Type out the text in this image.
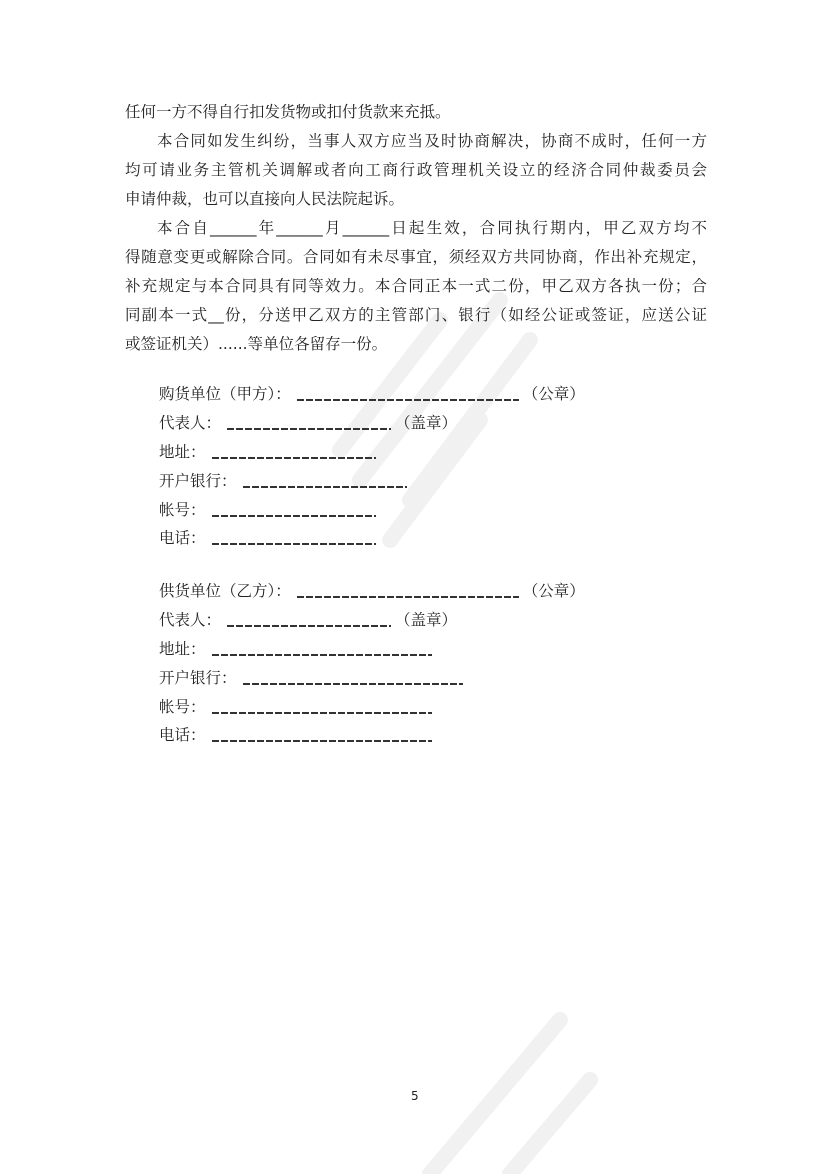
任何一方不得自行扣发货物或扣付货款来充抵。
本合同如发生纠纷，当事人双方应当及时协商解决，协商不成时，任何一方
均可请业务主管机关调解或者向工商行政管理机关设立的经济合同仲裁委员会
申请仲裁，也可以直接向人民法院起诉。
本合自______年______月______日起生效，合同执行期内，甲乙双方均不
得随意变更或解除合同。合同如有未尽事宜，须经双方共同协商，作出补充规定，
补充规定与本合同具有同等效力。本合同正本一式二份，甲乙双方各执一份；合
同副本一式__份，分送甲乙双方的主管部门、银行（如经公证或签证，应送公证
或签证机关）......等单位各留存一份。
购货单位（甲方）：	（公章）
代表人：	（盖章）
地址：
开户银行：
帐号：
电话：
供货单位（乙方）：	（公章）
代表人：	（盖章）
地址：
开户银行：
帐号：
电话：
5
